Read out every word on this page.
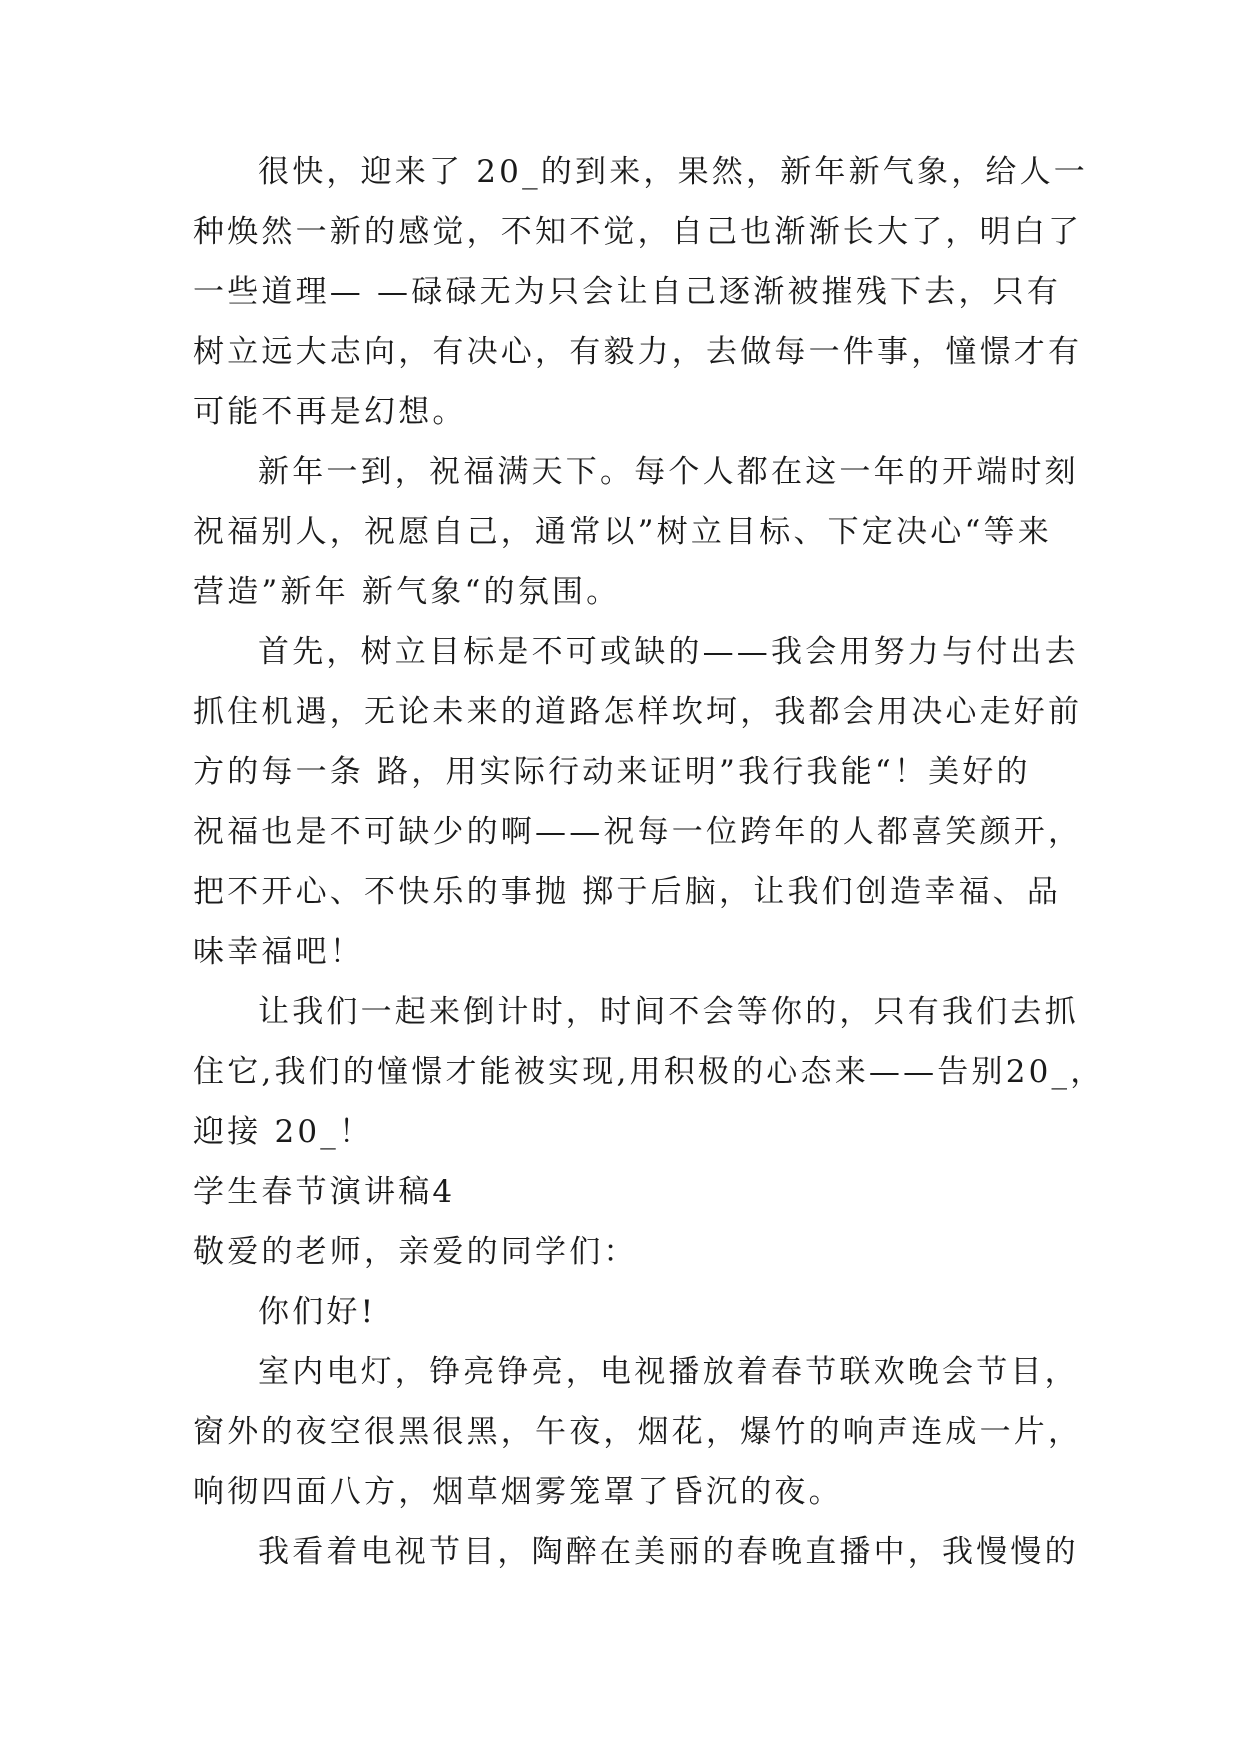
很快，迎来了 20_的到来，果然，新年新气象，给人一
种焕然一新的感觉，不知不觉，自己也渐渐长大了，明白了
一些道理— —碌碌无为只会让自己逐渐被摧残下去，只有
树立远大志向，有决心，有毅力，去做每一件事，憧憬才有
可能不再是幻想。
新年一到，祝福满天下。每个人都在这一年的开端时刻
祝福别人，祝愿自己，通常以”树立目标、下定决心“等来
营造”新年 新气象“的氛围。
首先，树立目标是不可或缺的——我会用努力与付出去
抓住机遇，无论未来的道路怎样坎坷，我都会用决心走好前
方的每一条 路，用实际行动来证明”我行我能“！美好的
祝福也是不可缺少的啊——祝每一位跨年的人都喜笑颜开，
把不开心、不快乐的事抛 掷于后脑，让我们创造幸福、品
味幸福吧！
让我们一起来倒计时，时间不会等你的，只有我们去抓
住它,我们的憧憬才能被实现,用积极的心态来——告别20_，
迎接 20_！
学生春节演讲稿4
敬爱的老师，亲爱的同学们：
你们好!
室内电灯，铮亮铮亮，电视播放着春节联欢晚会节目，
窗外的夜空很黑很黑，午夜，烟花，爆竹的响声连成一片，
响彻四面八方，烟草烟雾笼罩了昏沉的夜。
我看着电视节目，陶醉在美丽的春晚直播中，我慢慢的
